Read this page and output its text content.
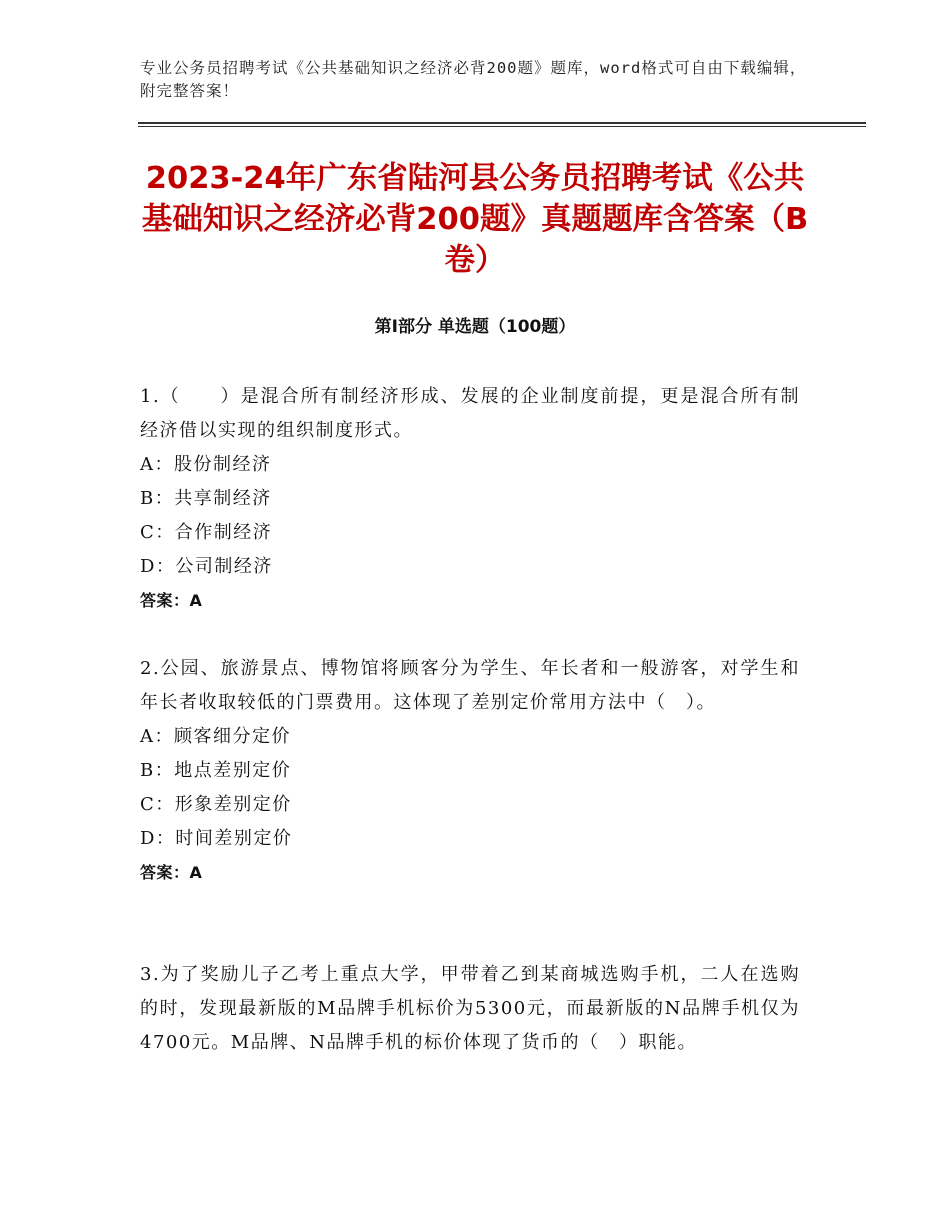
专业公务员招聘考试《公共基础知识之经济必背200题》题库，word格式可自由下载编辑，附完整答案！
2023-24年广东省陆河县公务员招聘考试《公共基础知识之经济必背200题》真题题库含答案（B卷）
第I部分 单选题（100题）

1.（　　）是混合所有制经济形成、发展的企业制度前提，更是混合所有制经济借以实现的组织制度形式。

A：股份制经济

B：共享制经济

C：合作制经济

D：公司制经济

答案：A

2.公园、旅游景点、博物馆将顾客分为学生、年长者和一般游客，对学生和年长者收取较低的门票费用。这体现了差别定价常用方法中（　）。

A：顾客细分定价

B：地点差别定价

C：形象差别定价

D：时间差别定价

答案：A

3.为了奖励儿子乙考上重点大学，甲带着乙到某商城选购手机，二人在选购的时，发现最新版的M品牌手机标价为5300元，而最新版的N品牌手机仅为4700元。M品牌、N品牌手机的标价体现了货币的（　）职能。
